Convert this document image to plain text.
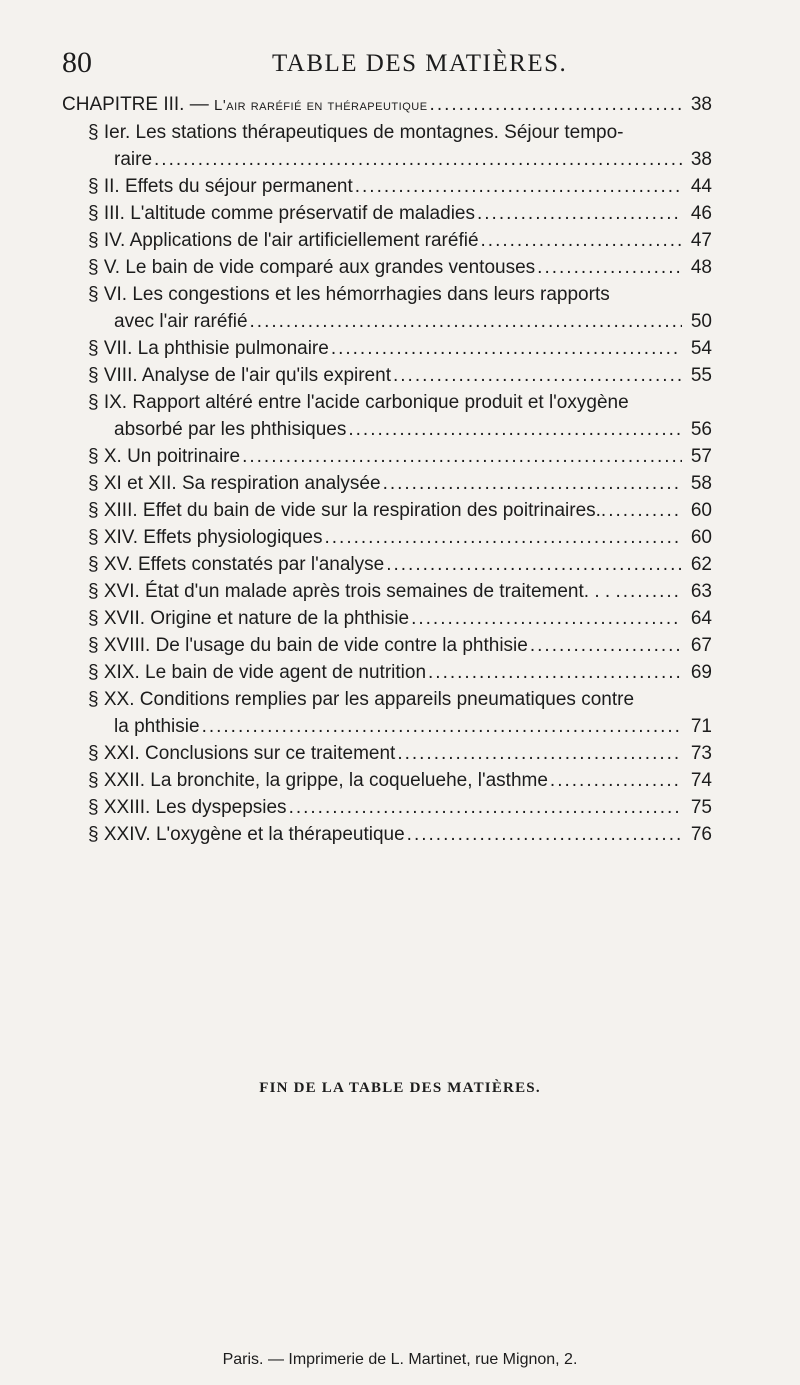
80	TABLE DES MATIÈRES.
CHAPITRE III. — L'air raréfié en thérapeutique .....	38
§ Ier. Les stations thérapeutiques de montagnes. Séjour tempo-
raire .....	38
§ II. Effets du séjour permanent .....	44
§ III. L'altitude comme préservatif de maladies .....	46
§ IV. Applications de l'air artificiellement raréfié .....	47
§ V. Le bain de vide comparé aux grandes ventouses .....	48
§ VI. Les congestions et les hémorrhagies dans leurs rapports
avec l'air raréfié .....	50
§ VII. La phthisie pulmonaire .....	54
§ VIII. Analyse de l'air qu'ils expirent .....	55
§ IX. Rapport altéré entre l'acide carbonique produit et l'oxygène
absorbé par les phthisiques .....	56
§ X. Un poitrinaire .....	57
§ XI et XII. Sa respiration analysée .....	58
§ XIII. Effet du bain de vide sur la respiration des poitrinaires.. .....	60
§ XIV. Effets physiologiques .....	60
§ XV. Effets constatés par l'analyse .....	62
§ XVI. État d'un malade après trois semaines de traitement. . . . .....	63
§ XVII. Origine et nature de la phthisie .....	64
§ XVIII. De l'usage du bain de vide contre la phthisie .....	67
§ XIX. Le bain de vide agent de nutrition .....	69
§ XX. Conditions remplies par les appareils pneumatiques contre
la phthisie .....	71
§ XXI. Conclusions sur ce traitement .....	73
§ XXII. La bronchite, la grippe, la coqueluehe, l'asthme .....	74
§ XXIII. Les dyspepsies .....	75
§ XXIV. L'oxygène et la thérapeutique .....	76
FIN DE LA TABLE DES MATIÈRES.
Paris. — Imprimerie de L. Martinet, rue Mignon, 2.
